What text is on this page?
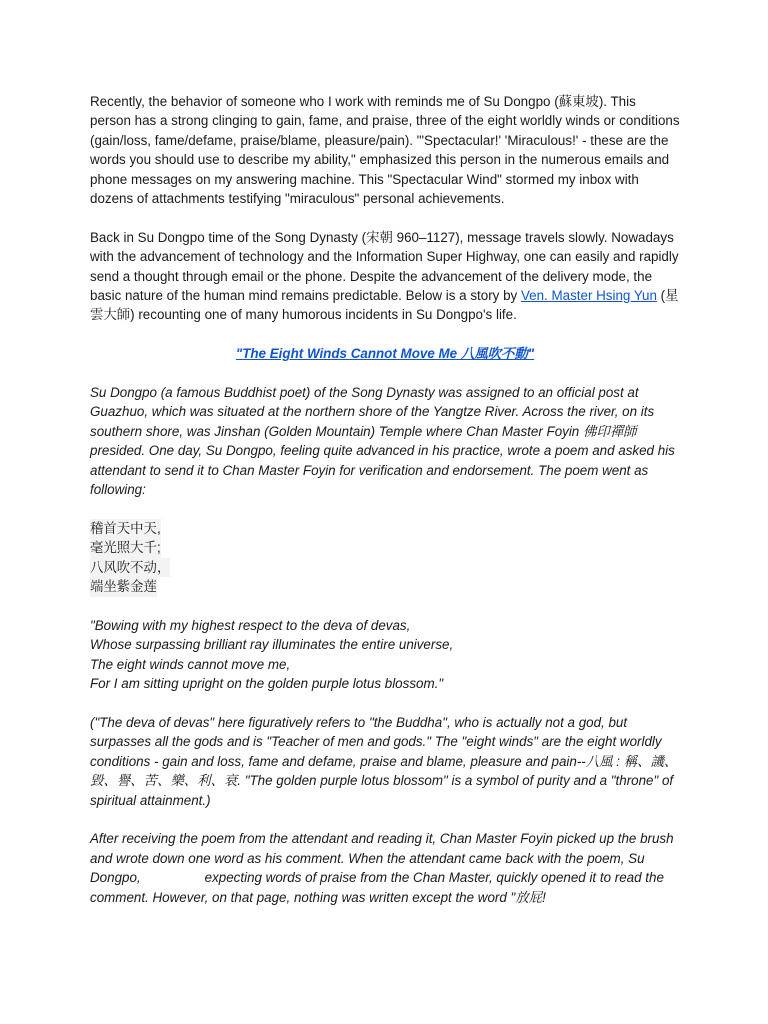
Recently, the behavior of someone who I work with reminds me of Su Dongpo (蘇東坡). This person has a strong clinging to gain, fame, and praise, three of the eight worldly winds or conditions (gain/loss, fame/defame, praise/blame, pleasure/pain). "'Spectacular!' 'Miraculous!' - these are the words you should use to describe my ability," emphasized this person in the numerous emails and phone messages on my answering machine. This "Spectacular Wind" stormed my inbox with dozens of attachments testifying "miraculous" personal achievements.

Back in Su Dongpo time of the Song Dynasty (宋朝 960–1127), message travels slowly. Nowadays with the advancement of technology and the Information Super Highway, one can easily and rapidly send a thought through email or the phone. Despite the advancement of the delivery mode, the basic nature of the human mind remains predictable. Below is a story by Ven. Master Hsing Yun (星雲大師) recounting one of many humorous incidents in Su Dongpo's life.

"The Eight Winds Cannot Move Me 八風吹不動"

Su Dongpo (a famous Buddhist poet) of the Song Dynasty was assigned to an official post at Guazhuo, which was situated at the northern shore of the Yangtze River. Across the river, on its southern shore, was Jinshan (Golden Mountain) Temple where Chan Master Foyin 佛印禪師 presided. One day, Su Dongpo, feeling quite advanced in his practice, wrote a poem and asked his attendant to send it to Chan Master Foyin for verification and endorsement. The poem went as following:

稽首天中天,
毫光照大千;
八风吹不动，
端坐紫金莲
"Bowing with my highest respect to the deva of devas,
Whose surpassing brilliant ray illuminates the entire universe,
The eight winds cannot move me,
For I am sitting upright on the golden purple lotus blossom."

("The deva of devas" here figuratively refers to "the Buddha", who is actually not a god, but surpasses all the gods and is "Teacher of men and gods." The "eight winds" are the eight worldly conditions - gain and loss, fame and defame, praise and blame, pleasure and pain--八風 : 稱、譏、毀、譽、苦、樂、利、衰. "The golden purple lotus blossom" is a symbol of purity and a "throne" of spiritual attainment.)

After receiving the poem from the attendant and reading it, Chan Master Foyin picked up the brush and wrote down one word as his comment. When the attendant came back with the poem, Su Dongpo,	expecting words of praise from the Chan Master, quickly opened it to read the comment. However, on that page, nothing was written except the word "放屁!
